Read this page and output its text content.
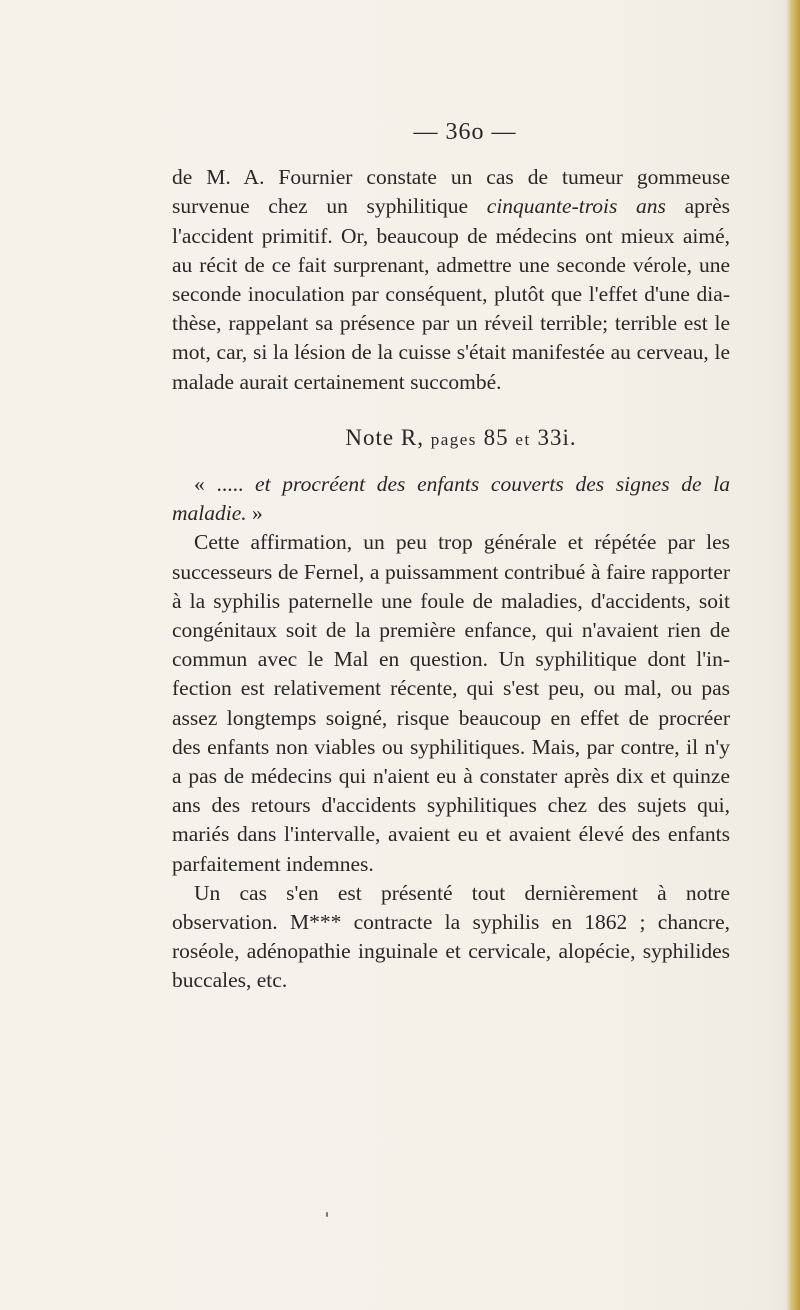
— 36o —

de M. A. Fournier constate un cas de tumeur gommeuse survenue chez un syphilitique cinquante-trois ans après l'accident primitif. Or, beaucoup de médecins ont mieux aimé, au récit de ce fait surprenant, admettre une seconde vérole, une seconde inoculation par conséquent, plutôt que l'effet d'une diathèse, rappelant sa présence par un réveil terrible; terrible est le mot, car, si la lésion de la cuisse s'était manifestée au cerveau, le malade aurait certainement succombé.

Note R, pages 85 et 33i.

« ..... et procréent des enfants couverts des signes de la maladie. »

Cette affirmation, un peu trop générale et répétée par les successeurs de Fernel, a puissamment contribué à faire rapporter à la syphilis paternelle une foule de maladies, d'accidents, soit congénitaux soit de la première enfance, qui n'avaient rien de commun avec le Mal en question. Un syphilitique dont l'infection est relativement récente, qui s'est peu, ou mal, ou pas assez longtemps soigné, risque beaucoup en effet de procréer des enfants non viables ou syphilitiques. Mais, par contre, il n'y a pas de médecins qui n'aient eu à constater après dix et quinze ans des retours d'accidents syphilitiques chez des sujets qui, mariés dans l'intervalle, avaient eu et avaient élevé des enfants parfaitement indemnes.

Un cas s'en est présenté tout dernièrement à notre observation. M*** contracte la syphilis en 1862 ; chancre, roséole, adénopathie inguinale et cervicale, alopécie, syphilides buccales, etc.
